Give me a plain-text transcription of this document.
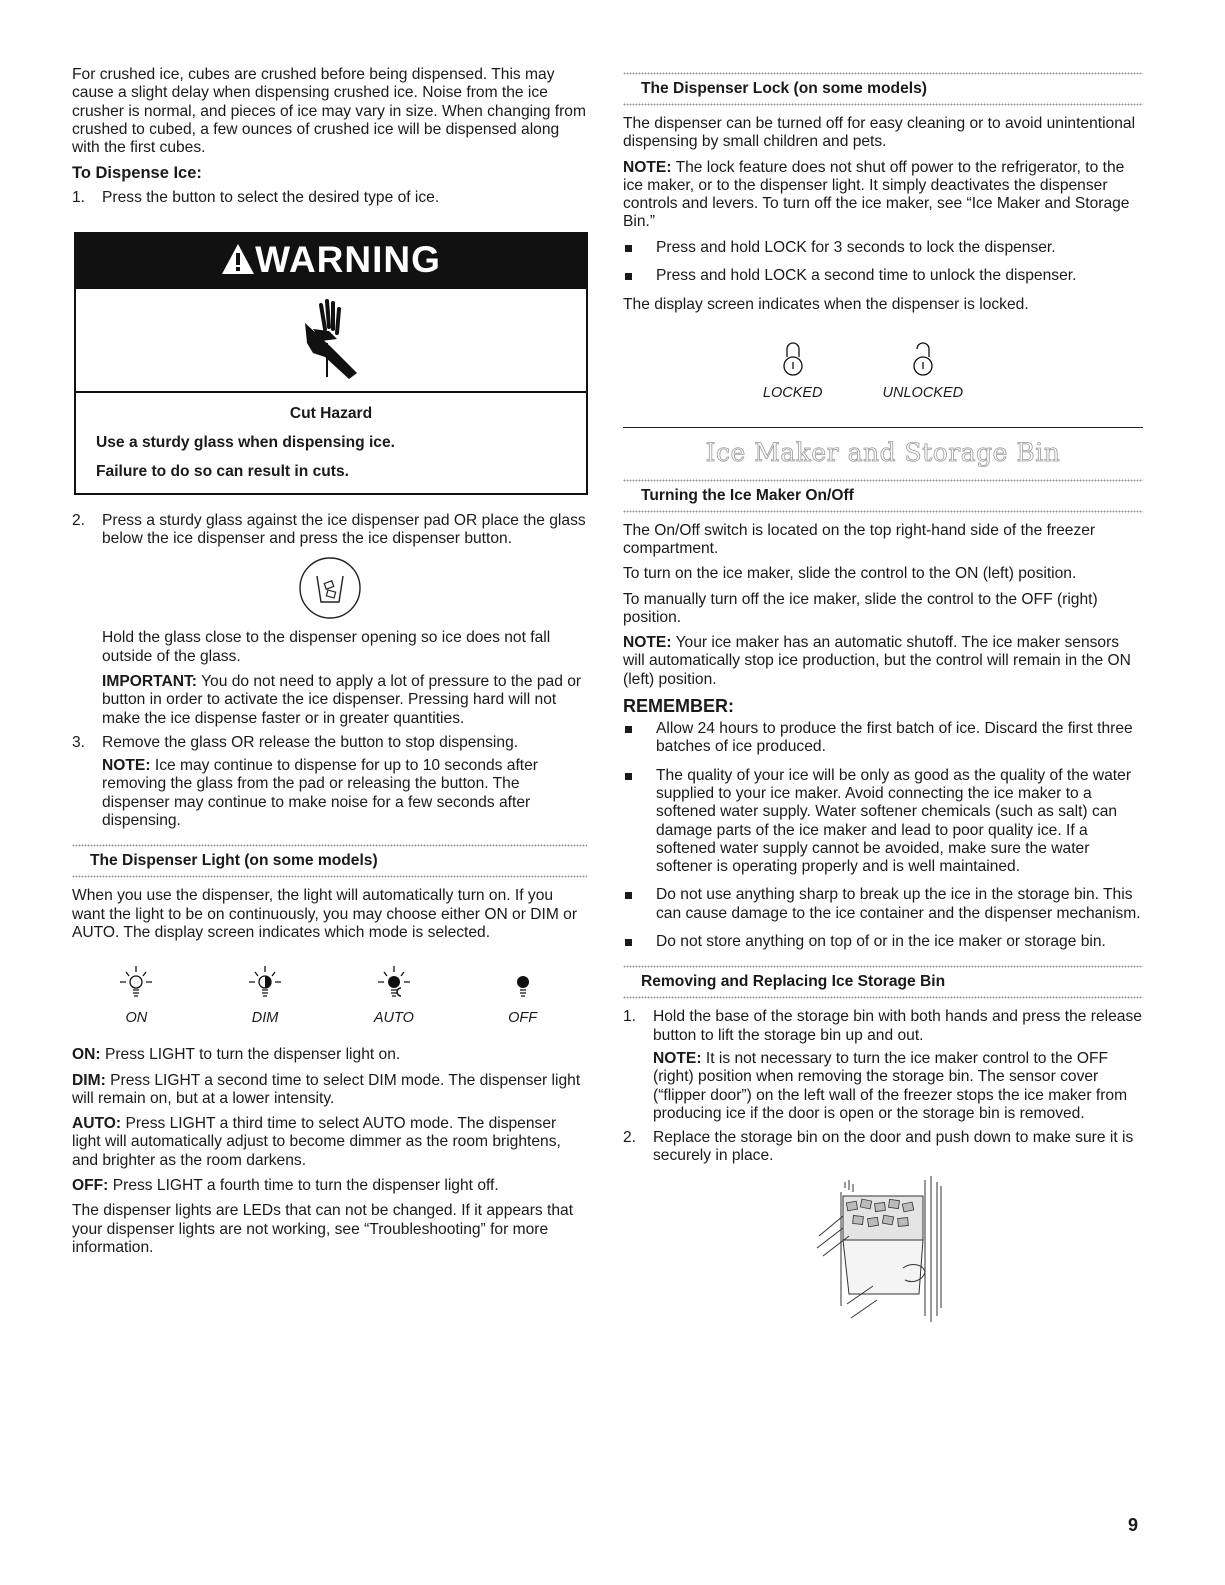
For crushed ice, cubes are crushed before being dispensed. This may cause a slight delay when dispensing crushed ice. Noise from the ice crusher is normal, and pieces of ice may vary in size. When changing from crushed to cubed, a few ounces of crushed ice will be dispensed along with the first cubes.

To Dispense Ice:

1.	Press the button to select the desired type of ice.

WARNING

Cut Hazard

Use a sturdy glass when dispensing ice.

Failure to do so can result in cuts.

2.	Press a sturdy glass against the ice dispenser pad OR place the glass below the ice dispenser and press the ice dispenser button.

Hold the glass close to the dispenser opening so ice does not fall outside of the glass.

IMPORTANT: You do not need to apply a lot of pressure to the pad or button in order to activate the ice dispenser. Pressing hard will not make the ice dispense faster or in greater quantities.

3.	Remove the glass OR release the button to stop dispensing.

NOTE: Ice may continue to dispense for up to 10 seconds after removing the glass from the pad or releasing the button. The dispenser may continue to make noise for a few seconds after dispensing.

The Dispenser Light (on some models)

When you use the dispenser, the light will automatically turn on. If you want the light to be on continuously, you may choose either ON or DIM or AUTO. The display screen indicates which mode is selected.

ON	DIM	AUTO	OFF

ON: Press LIGHT to turn the dispenser light on.

DIM: Press LIGHT a second time to select DIM mode. The dispenser light will remain on, but at a lower intensity.

AUTO: Press LIGHT a third time to select AUTO mode. The dispenser light will automatically adjust to become dimmer as the room brightens, and brighter as the room darkens.

OFF: Press LIGHT a fourth time to turn the dispenser light off.

The dispenser lights are LEDs that can not be changed. If it appears that your dispenser lights are not working, see “Troubleshooting” for more information.

The Dispenser Lock (on some models)

The dispenser can be turned off for easy cleaning or to avoid unintentional dispensing by small children and pets.

NOTE: The lock feature does not shut off power to the refrigerator, to the ice maker, or to the dispenser light. It simply deactivates the dispenser controls and levers. To turn off the ice maker, see “Ice Maker and Storage Bin.”

Press and hold LOCK for 3 seconds to lock the dispenser.

Press and hold LOCK a second time to unlock the dispenser.

The display screen indicates when the dispenser is locked.

LOCKED	UNLOCKED
Ice Maker and Storage Bin
Turning the Ice Maker On/Off

The On/Off switch is located on the top right-hand side of the freezer compartment.

To turn on the ice maker, slide the control to the ON (left) position.

To manually turn off the ice maker, slide the control to the OFF (right) position.

NOTE: Your ice maker has an automatic shutoff. The ice maker sensors will automatically stop ice production, but the control will remain in the ON (left) position.

REMEMBER:

Allow 24 hours to produce the first batch of ice. Discard the first three batches of ice produced.

The quality of your ice will be only as good as the quality of the water supplied to your ice maker. Avoid connecting the ice maker to a softened water supply. Water softener chemicals (such as salt) can damage parts of the ice maker and lead to poor quality ice. If a softened water supply cannot be avoided, make sure the water softener is operating properly and is well maintained.

Do not use anything sharp to break up the ice in the storage bin. This can cause damage to the ice container and the dispenser mechanism.

Do not store anything on top of or in the ice maker or storage bin.

Removing and Replacing Ice Storage Bin
1.	Hold the base of the storage bin with both hands and press the release button to lift the storage bin up and out.

NOTE: It is not necessary to turn the ice maker control to the OFF (right) position when removing the storage bin. The sensor cover (“flipper door”) on the left wall of the freezer stops the ice maker from producing ice if the door is open or the storage bin is removed.

2.	Replace the storage bin on the door and push down to make sure it is securely in place.

9
